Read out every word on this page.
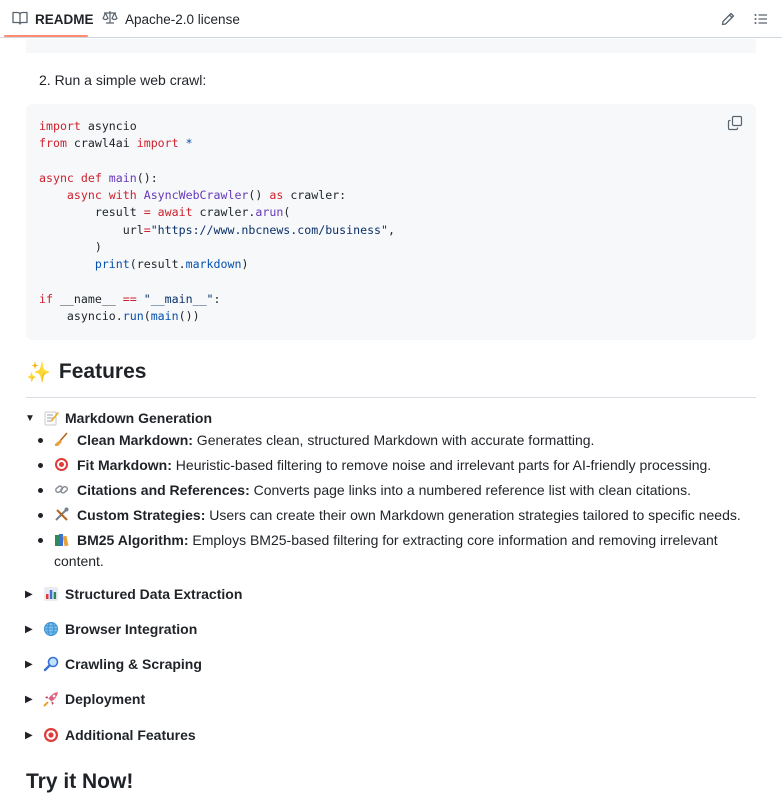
README Apache-2.0 license
2. Run a simple web crawl:
import asyncio
from crawl4ai import *

async def main():
async with AsyncWebCrawler() as crawler:
result = await crawler.arun(
url="https://www.nbcnews.com/business",
)
print(result.markdown)

if __name__ == "__main__":
asyncio.run(main())
✨ Features
▼ Markdown Generation
Clean Markdown: Generates clean, structured Markdown with accurate formatting.
Fit Markdown: Heuristic-based filtering to remove noise and irrelevant parts for AI-friendly processing.
Citations and References: Converts page links into a numbered reference list with clean citations.
Custom Strategies: Users can create their own Markdown generation strategies tailored to specific needs.
BM25 Algorithm: Employs BM25-based filtering for extracting core information and removing irrelevant
content.
▶	Structured Data Extraction
▶	Browser Integration
▶	Crawling & Scraping
▶	Deployment
▶	Additional Features
Try it Now!
